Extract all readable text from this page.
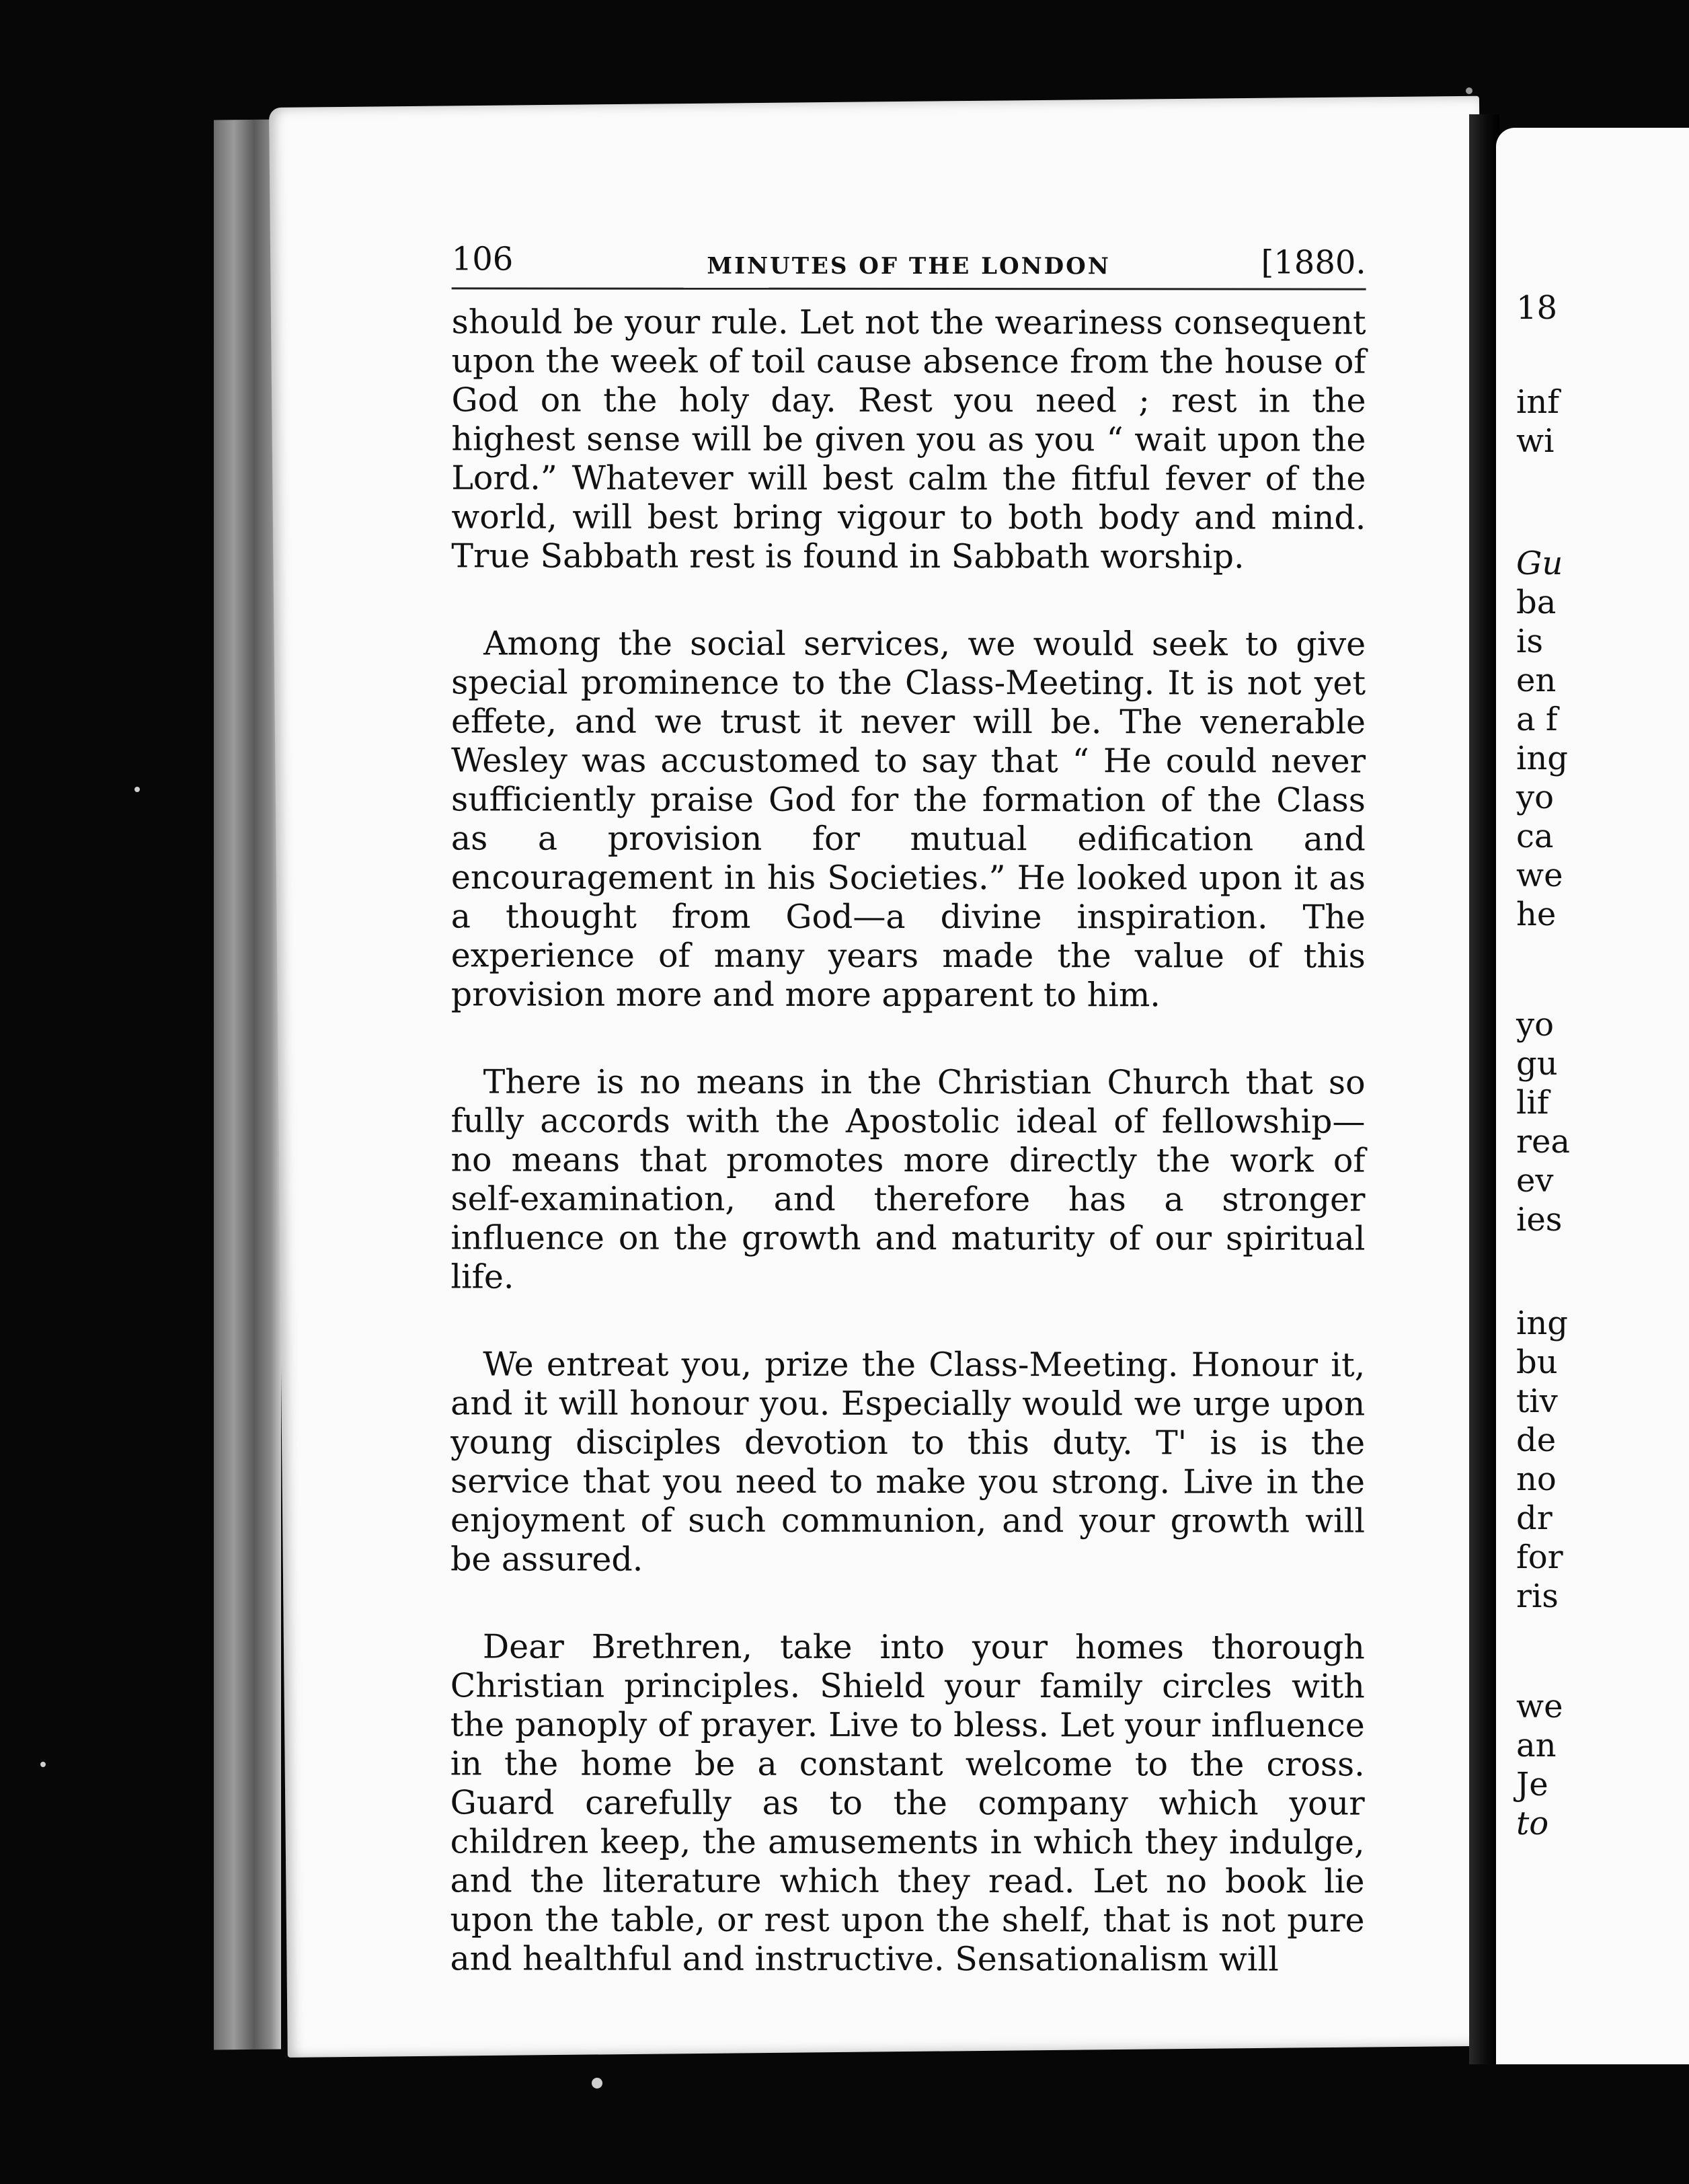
106	MINUTES OF THE LONDON	[1880.

should be your rule. Let not the weariness consequent upon the week of toil cause absence from the house of God on the holy day. Rest you need ; rest in the highest sense will be given you as you “ wait upon the Lord.” Whatever will best calm the fitful fever of the world, will best bring vigour to both body and mind. True Sabbath rest is found in Sabbath worship.

Among the social services, we would seek to give special prominence to the Class-Meeting. It is not yet effete, and we trust it never will be. The venerable Wesley was accustomed to say that “ He could never sufficiently praise God for the formation of the Class as a provision for mutual edification and encouragement in his Societies.” He looked upon it as a thought from God—a divine inspiration. The experience of many years made the value of this provision more and more apparent to him.

There is no means in the Christian Church that so fully accords with the Apostolic ideal of fellowship—no means that promotes more directly the work of self-examination, and therefore has a stronger influence on the growth and maturity of our spiritual life.

We entreat you, prize the Class-Meeting. Honour it, and it will honour you. Especially would we urge upon young disciples devotion to this duty. T' is is the service that you need to make you strong. Live in the enjoyment of such communion, and your growth will be assured.

Dear Brethren, take into your homes thorough Christian principles. Shield your family circles with the panoply of prayer. Live to bless. Let your influence in the home be a constant welcome to the cross. Guard carefully as to the company which your children keep, the amusements in which they indulge, and the literature which they read. Let no book lie upon the table, or rest upon the shelf, that is not pure and healthful and instructive. Sensationalism will

18
inf
wi
Gu
ba
is
en
a f
ing
yo
ca
we
he
yo
gu
lif
rea
ev
ies
ing
bu
tiv
de
no
dr
for
ris
we
an
Je
to
